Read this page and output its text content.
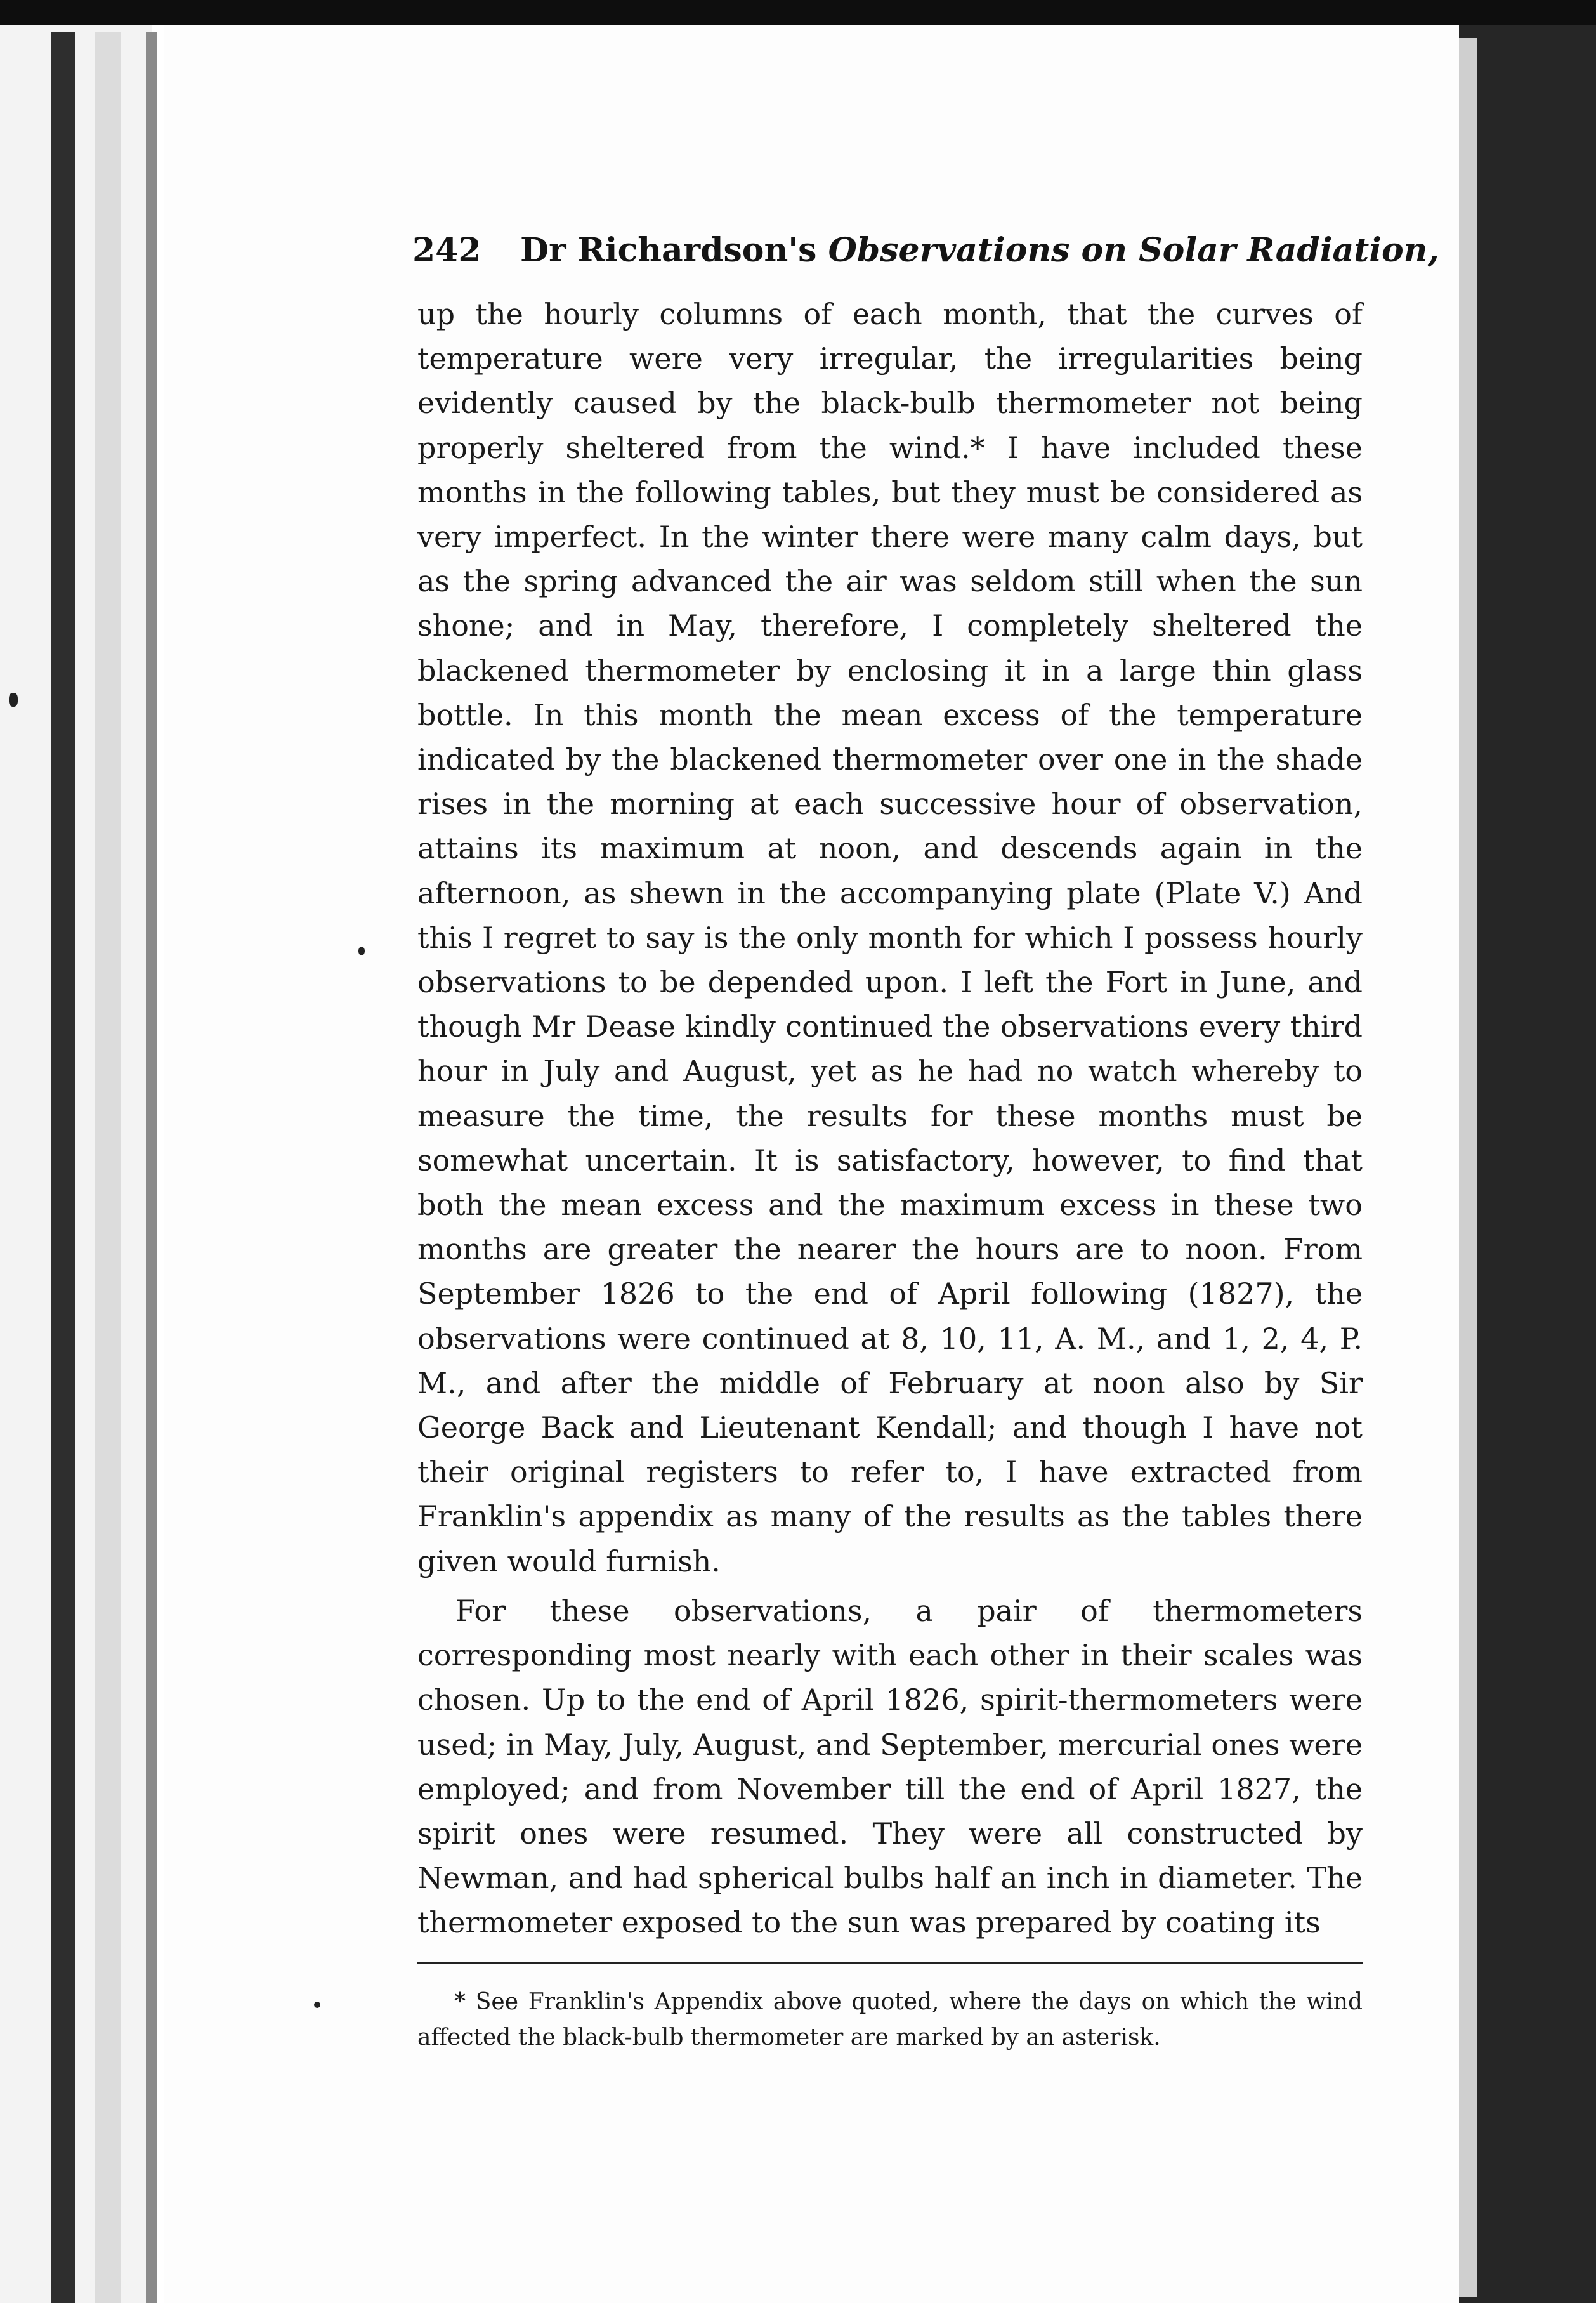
242 Dr Richardson's Observations on Solar Radiation,

up the hourly columns of each month, that the curves of temperature were very irregular, the irregularities being evidently caused by the black-bulb thermometer not being properly sheltered from the wind.* I have included these months in the following tables, but they must be considered as very imperfect. In the winter there were many calm days, but as the spring advanced the air was seldom still when the sun shone; and in May, therefore, I completely sheltered the blackened thermometer by enclosing it in a large thin glass bottle. In this month the mean excess of the temperature indicated by the blackened thermometer over one in the shade rises in the morning at each successive hour of observation, attains its maximum at noon, and descends again in the afternoon, as shewn in the accompanying plate (Plate V.) And this I regret to say is the only month for which I possess hourly observations to be depended upon. I left the Fort in June, and though Mr Dease kindly continued the observations every third hour in July and August, yet as he had no watch whereby to measure the time, the results for these months must be somewhat uncertain. It is satisfactory, however, to find that both the mean excess and the maximum excess in these two months are greater the nearer the hours are to noon. From September 1826 to the end of April following (1827), the observations were continued at 8, 10, 11, A. M., and 1, 2, 4, P. M., and after the middle of February at noon also by Sir George Back and Lieutenant Kendall; and though I have not their original registers to refer to, I have extracted from Franklin's appendix as many of the results as the tables there given would furnish.

For these observations, a pair of thermometers corresponding most nearly with each other in their scales was chosen. Up to the end of April 1826, spirit-thermometers were used; in May, July, August, and September, mercurial ones were employed; and from November till the end of April 1827, the spirit ones were resumed. They were all constructed by Newman, and had spherical bulbs half an inch in diameter. The thermometer exposed to the sun was prepared by coating its

* See Franklin's Appendix above quoted, where the days on which the wind affected the black-bulb thermometer are marked by an asterisk.
